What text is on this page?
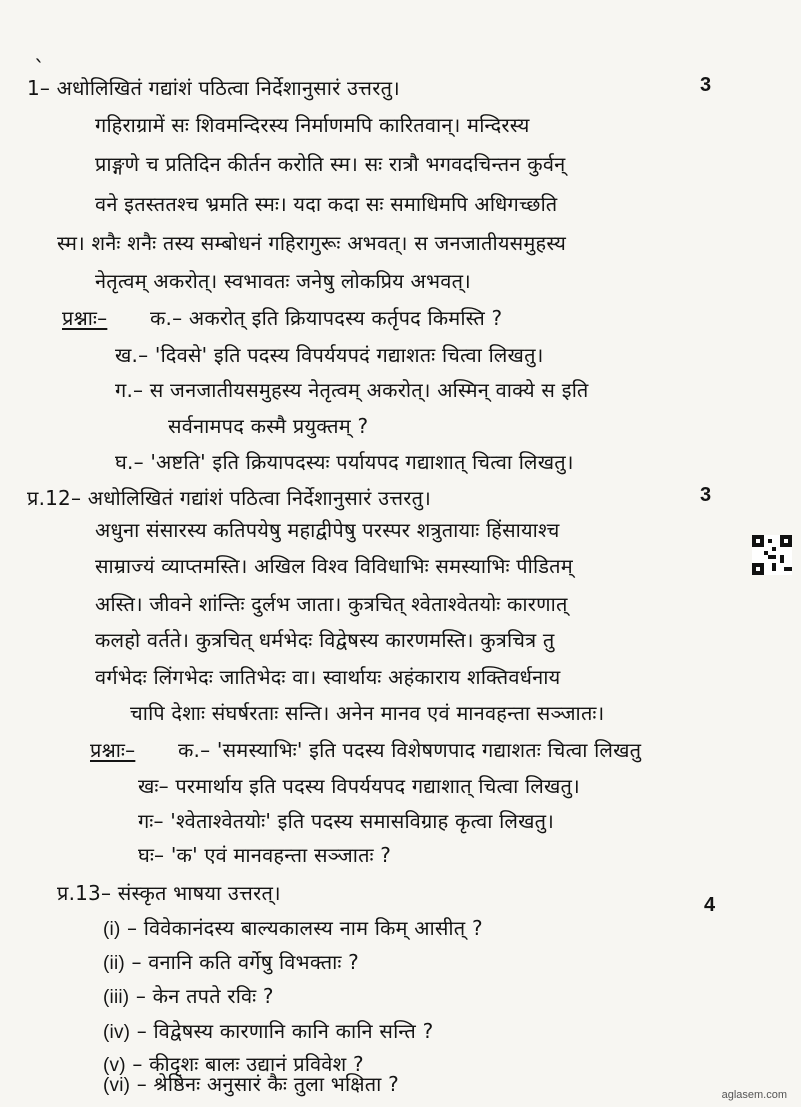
ˎ
1– अधोलिखितं गद्यांशं पठित्वा निर्देशानुसारं उत्तरतु।	3
गहिराग्रामें सः शिवमन्दिरस्य निर्माणमपि कारितवान्। मन्दिरस्य
प्राङ्गणे च प्रतिदिन कीर्तन करोति स्म। सः रात्रौ भगवदचिन्तन कुर्वन्
वने इतस्ततश्च भ्रमति स्मः। यदा कदा सः समाधिमपि अधिगच्छति
स्म। शनैः शनैः तस्य सम्बोधनं गहिरागुरूः अभवत्। स जनजातीयसमुहस्य
नेतृत्वम् अकरोत्। स्वभावतः जनेषु लोकप्रिय अभवत्।
प्रश्नाः– क.– अकरोत् इति क्रियापदस्य कर्तृपद किमस्ति ?
ख.– 'दिवसे' इति पदस्य विपर्ययपदं गद्याशतः चित्वा लिखतु।
ग.– स जनजातीयसमुहस्य नेतृत्वम् अकरोत्। अस्मिन् वाक्ये स इति
सर्वनामपद कस्मै प्रयुक्तम् ?
घ.– 'अष्टति' इति क्रियापदस्यः पर्यायपद गद्याशात् चित्वा लिखतु।
प्र.12– अधोलिखितं गद्यांशं पठित्वा निर्देशानुसारं उत्तरतु।	3
अधुना संसारस्य कतिपयेषु महाद्वीपेषु परस्पर शत्रुतायाः हिंसायाश्च
साम्राज्यं व्याप्तमस्ति। अखिल विश्व विविधाभिः समस्याभिः पीडितम्
अस्ति। जीवने शांन्तिः दुर्लभ जाता। कुत्रचित् श्वेताश्वेतयोः कारणात्
कलहो वर्तते। कुत्रचित् धर्मभेदः विद्वेषस्य कारणमस्ति। कुत्रचित्र तु
वर्गभेदः लिंगभेदः जातिभेदः वा। स्वार्थायः अहंकाराय शक्तिवर्धनाय
चापि देशाः संघर्षरताः सन्ति। अनेन मानव एवं मानवहन्ता सञ्जातः।
प्रश्नाः– क.– 'समस्याभिः' इति पदस्य विशेषणपाद गद्याशतः चित्वा लिखतु
खः– परमार्थाय इति पदस्य विपर्ययपद गद्याशात् चित्वा लिखतु।
गः– 'श्वेताश्वेतयोः' इति पदस्य समासविग्राह कृत्वा लिखतु।
घः– 'क' एवं मानवहन्ता सञ्जातः ?
प्र.13– संस्कृत भाषया उत्तरत्।	4
(i) – विवेकानंदस्य बाल्यकालस्य नाम किम् आसीत् ?
(ii) – वनानि कति वर्गेषु विभक्ताः ?
(iii) – केन तपते रविः ?
(iv) – विद्वेषस्य कारणानि कानि कानि सन्ति ?
(v) – कीदृशः बालः उद्यानं प्रविवेश ?
(vi) – श्रेष्ठिनः अनुसारं कैः तुला भक्षिता ?	aglasem.com
